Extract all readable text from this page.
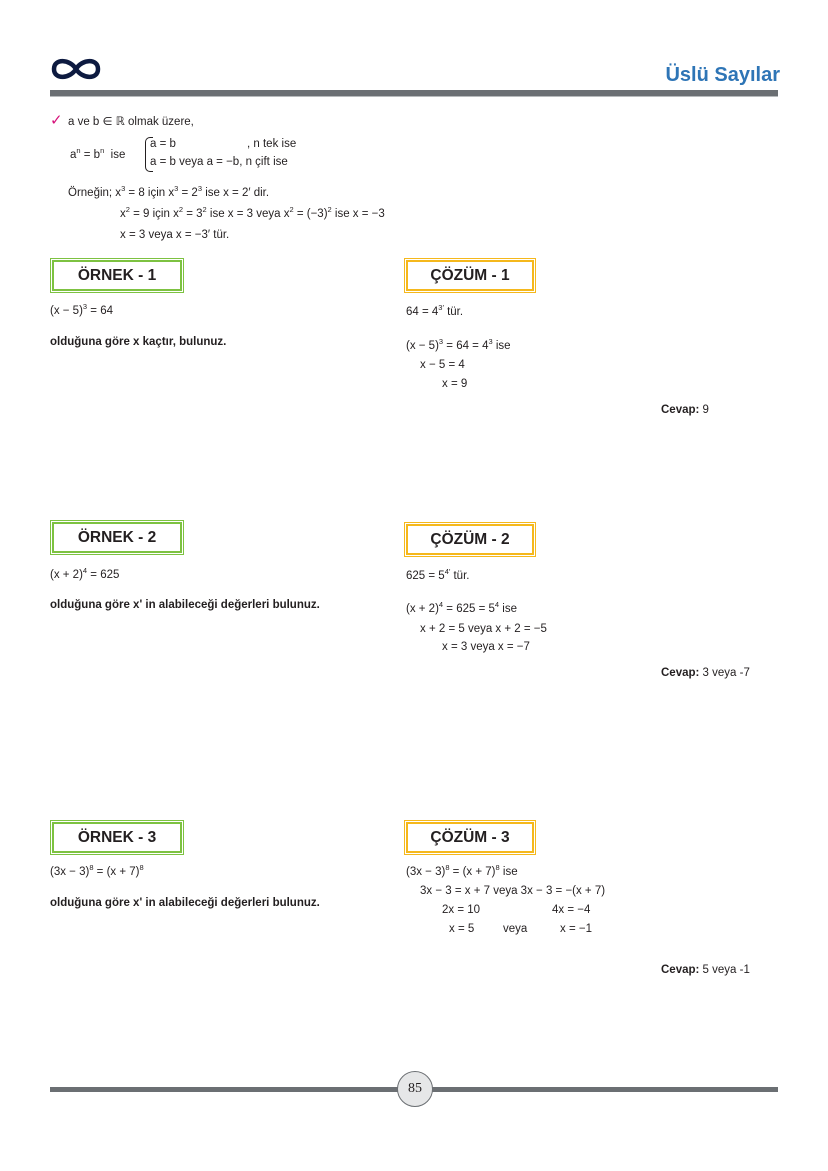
Üslü Sayılar
✓ a ve b ∈ ℝ olmak üzere,
$a^n = b^n$ ise
a = b	, n tek ise
a = b veya a = −b, n çift ise
Örneğin; $x^3 = 8$ için $x^3 = 2^3$ ise x = 2′ dir.
$x^2 = 9$ için $x^2 = 3^2$ ise x = 3 veya $x^2 = (-3)^2$ ise x = −3
x = 3 veya x = −3′ tür.
ÖRNEK - 1	ÇÖZÜM - 1
$(x - 5)^3 = 64$
olduğuna göre x kaçtır, bulunuz.
$64 = 4^{3'}$ tür.
$(x - 5)^3 = 64 = 4^3$ ise
x − 5 = 4
x = 9
Cevap: 9
ÖRNEK - 2	ÇÖZÜM - 2
$(x + 2)^4 = 625$
olduğuna göre x' in alabileceği değerleri bulunuz.
$625 = 5^{4'}$ tür.
$(x + 2)^4 = 625 = 5^4$ ise
x + 2 = 5 veya x + 2 = −5
x = 3 veya x = −7
Cevap: 3 veya -7
ÖRNEK - 3	ÇÖZÜM - 3
$(3x - 3)^8 = (x + 7)^8$
olduğuna göre x' in alabileceği değerleri bulunuz.
$(3x - 3)^8 = (x + 7)^8$ ise
3x − 3 = x + 7 veya 3x − 3 = −(x + 7)
2x = 10	4x = −4
x = 5 veya	x = −1
Cevap: 5 veya -1
85
